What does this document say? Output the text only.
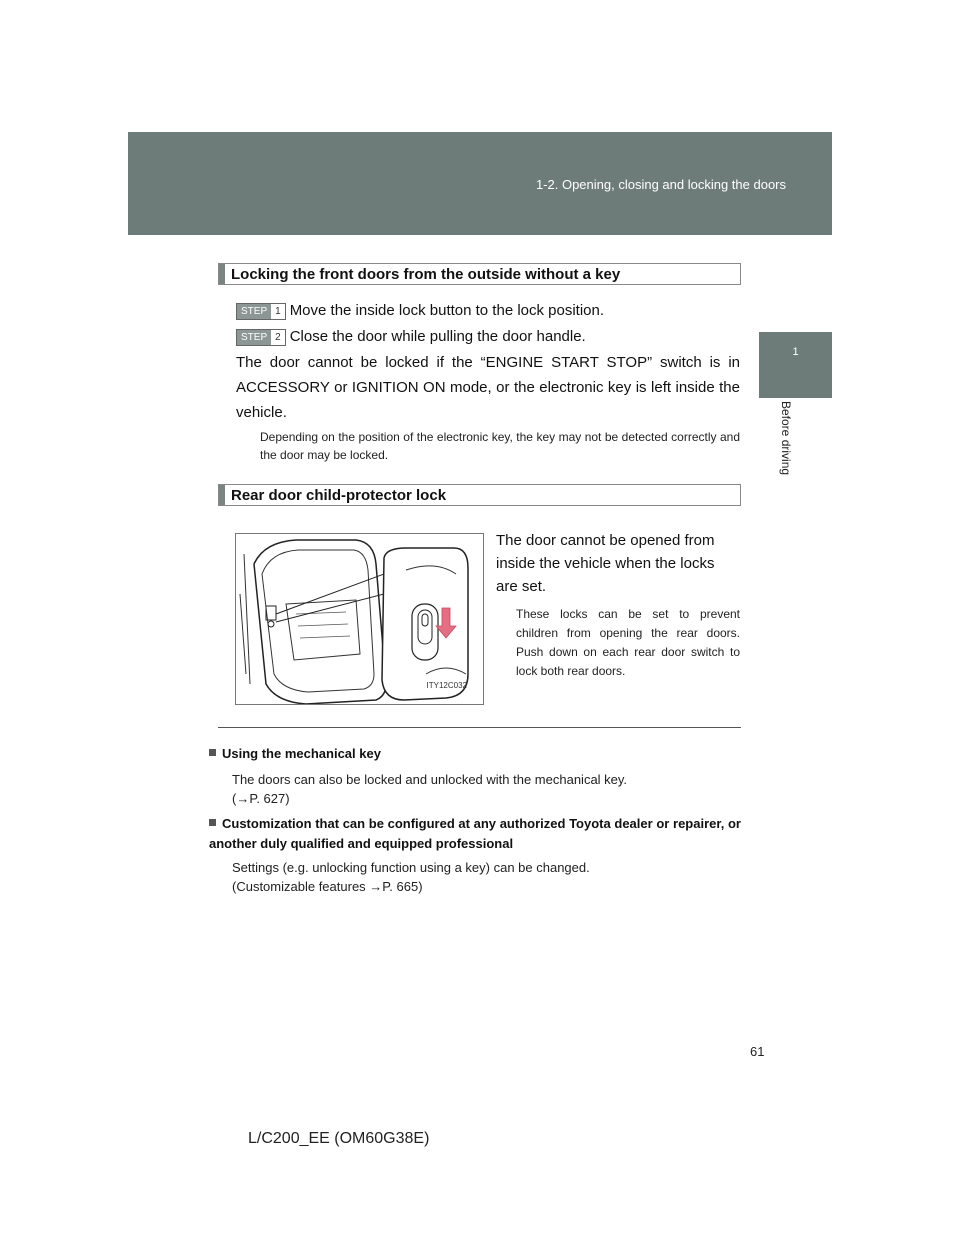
1-2. Opening, closing and locking the doors
1
Before driving
Locking the front doors from the outside without a key
STEP 1 Move the inside lock button to the lock position.
STEP 2 Close the door while pulling the door handle.
The door cannot be locked if the “ENGINE START STOP” switch is in ACCESSORY or IGNITION ON mode, or the electronic key is left inside the vehicle.
Depending on the position of the electronic key, the key may not be detected correctly and the door may be locked.
Rear door child-protector lock
ITY12C032
The door cannot be opened from inside the vehicle when the locks are set.
These locks can be set to prevent children from opening the rear doors. Push down on each rear door switch to lock both rear doors.
Using the mechanical key
The doors can also be locked and unlocked with the mechanical key.
(→P. 627)
Customization that can be configured at any authorized Toyota dealer or repairer, or another duly qualified and equipped professional
Settings (e.g. unlocking function using a key) can be changed.
(Customizable features →P. 665)
61
L/C200_EE (OM60G38E)
